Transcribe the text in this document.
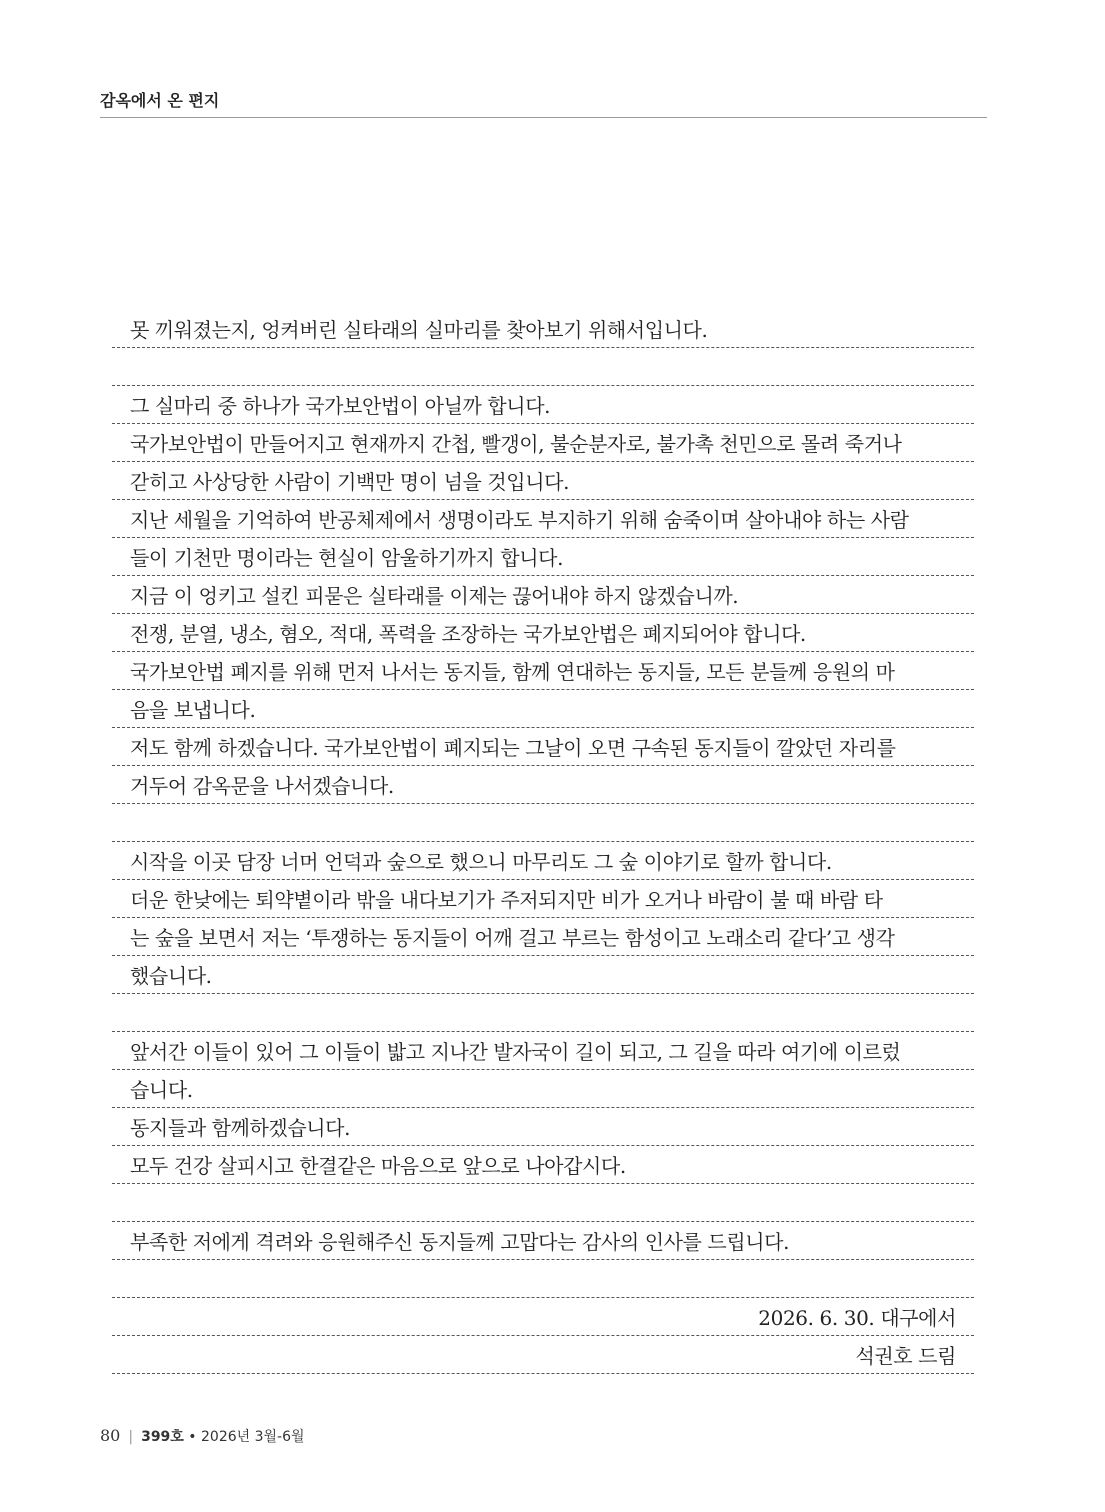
감옥에서 온 편지
못 끼워졌는지, 엉켜버린 실타래의 실마리를 찾아보기 위해서입니다.
그 실마리 중 하나가 국가보안법이 아닐까 합니다.
국가보안법이 만들어지고 현재까지 간첩, 빨갱이, 불순분자로, 불가촉 천민으로 몰려 죽거나
갇히고 사상당한 사람이 기백만 명이 넘을 것입니다.
지난 세월을 기억하여 반공체제에서 생명이라도 부지하기 위해 숨죽이며 살아내야 하는 사람
들이 기천만 명이라는 현실이 암울하기까지 합니다.
지금 이 엉키고 설킨 피묻은 실타래를 이제는 끊어내야 하지 않겠습니까.
전쟁, 분열, 냉소, 혐오, 적대, 폭력을 조장하는 국가보안법은 폐지되어야 합니다.
국가보안법 폐지를 위해 먼저 나서는 동지들, 함께 연대하는 동지들, 모든 분들께 응원의 마
음을 보냅니다.
저도 함께 하겠습니다. 국가보안법이 폐지되는 그날이 오면 구속된 동지들이 깔았던 자리를
거두어 감옥문을 나서겠습니다.
시작을 이곳 담장 너머 언덕과 숲으로 했으니 마무리도 그 숲 이야기로 할까 합니다.
더운 한낮에는 퇴약볕이라 밖을 내다보기가 주저되지만 비가 오거나 바람이 불 때 바람 타
는 숲을 보면서 저는 ‘투쟁하는 동지들이 어깨 걸고 부르는 함성이고 노래소리 같다’고 생각
했습니다.
앞서간 이들이 있어 그 이들이 밟고 지나간 발자국이 길이 되고, 그 길을 따라 여기에 이르렀
습니다.
동지들과 함께하겠습니다.
모두 건강 살피시고 한결같은 마음으로 앞으로 나아갑시다.
부족한 저에게 격려와 응원해주신 동지들께 고맙다는 감사의 인사를 드립니다.
2026. 6. 30. 대구에서
석권호 드림
80 | 399호 • 2026년 3월-6월
